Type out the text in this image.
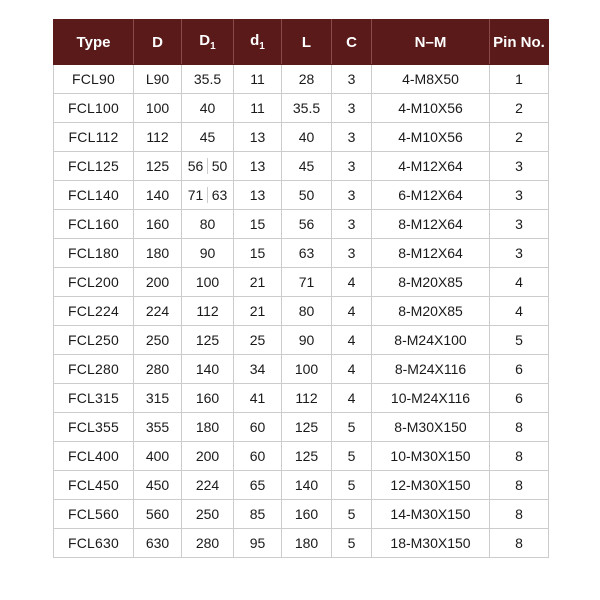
Type	D	$D_1$	$d_1$	L	C	N–M	Pin No.
FCL90	L90	35.5	11	28	3	4-M8X50	1
FCL100	100	40	11	35.5	3	4-M10X56	2
FCL112	112	45	13	40	3	4-M10X56	2
FCL125	125	56 50	13	45	3	4-M12X64	3
FCL140	140	71 63	13	50	3	6-M12X64	3
FCL160	160	80	15	56	3	8-M12X64	3
FCL180	180	90	15	63	3	8-M12X64	3
FCL200	200	100	21	71	4	8-M20X85	4
FCL224	224	112	21	80	4	8-M20X85	4
FCL250	250	125	25	90	4	8-M24X100	5
FCL280	280	140	34	100	4	8-M24X116	6
FCL315	315	160	41	112	4	10-M24X116	6
FCL355	355	180	60	125	5	8-M30X150	8
FCL400	400	200	60	125	5	10-M30X150	8
FCL450	450	224	65	140	5	12-M30X150	8
FCL560	560	250	85	160	5	14-M30X150	8
FCL630	630	280	95	180	5	18-M30X150	8
